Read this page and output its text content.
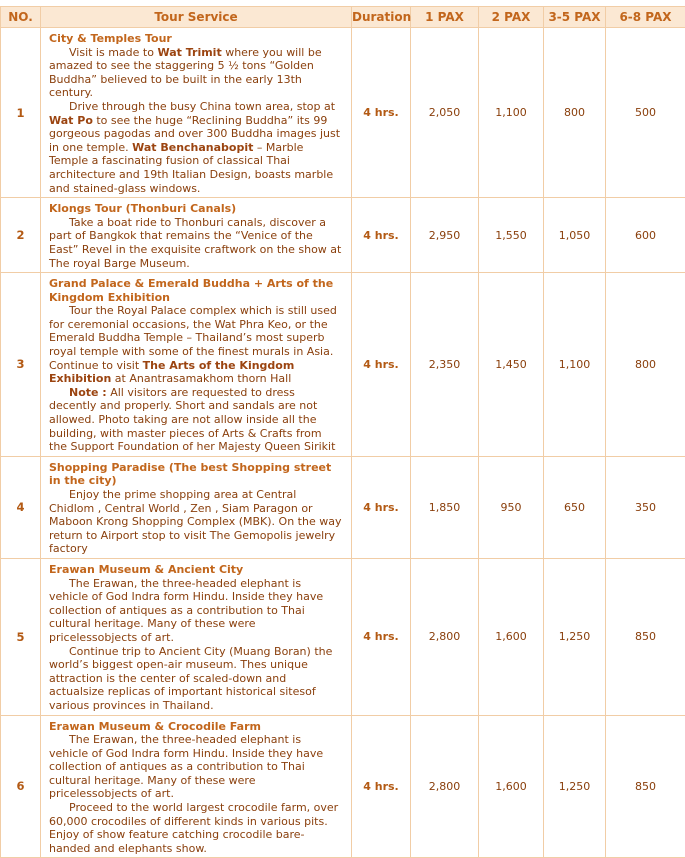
NO.	Tour Service	Duration	1 PAX	2 PAX	3-5 PAX	6-8 PAX
1	City & Temples Tour
Visit is made to Wat Trimit where you will be amazed to see the staggering 5 ½ tons “Golden Buddha” believed to be built in the early 13th century.
Drive through the busy China town area, stop at Wat Po to see the huge “Reclining Buddha” its 99 gorgeous pagodas and over 300 Buddha images just in one temple. Wat Benchanabopit – Marble Temple a fascinating fusion of classical Thai architecture and 19th Italian Design, boasts marble and stained-glass windows.	4 hrs.	2,050	1,100	800	500
2	Klongs Tour (Thonburi Canals)
Take a boat ride to Thonburi canals, discover a part of Bangkok that remains the “Venice of the East” Revel in the exquisite craftwork on the show at The royal Barge Museum.	4 hrs.	2,950	1,550	1,050	600
3	Grand Palace & Emerald Buddha + Arts of the Kingdom Exhibition
Tour the Royal Palace complex which is still used for ceremonial occasions, the Wat Phra Keo, or the Emerald Buddha Temple – Thailand’s most superb royal temple with some of the finest murals in Asia. Continue to visit The Arts of the Kingdom Exhibition at Anantrasamakhom thorn Hall
Note : All visitors are requested to dress decently and properly. Short and sandals are not allowed. Photo taking are not allow inside all the building, with master pieces of Arts & Crafts from the Support Foundation of her Majesty Queen Sirikit	4 hrs.	2,350	1,450	1,100	800
4	Shopping Paradise (The best Shopping street in the city)
Enjoy the prime shopping area at Central Chidlom , Central World , Zen , Siam Paragon or Maboon Krong Shopping Complex (MBK). On the way return to Airport stop to visit The Gemopolis jewelry factory	4 hrs.	1,850	950	650	350
5	Erawan Museum & Ancient City
The Erawan, the three-headed elephant is vehicle of God Indra form Hindu. Inside they have collection of antiques as a contribution to Thai cultural heritage. Many of these were pricelessobjects of art.
Continue trip to Ancient City (Muang Boran) the world’s biggest open-air museum. Thes unique attraction is the center of scaled-down and actualsize replicas of important historical sitesof various provinces in Thailand.	4 hrs.	2,800	1,600	1,250	850
6	Erawan Museum & Crocodile Farm
The Erawan, the three-headed elephant is vehicle of God Indra form Hindu. Inside they have collection of antiques as a contribution to Thai cultural heritage. Many of these were pricelessobjects of art.
Proceed to the world largest crocodile farm, over 60,000 crocodiles of different kinds in various pits. Enjoy of show feature catching crocodile bare-handed and elephants show.	4 hrs.	2,800	1,600	1,250	850
